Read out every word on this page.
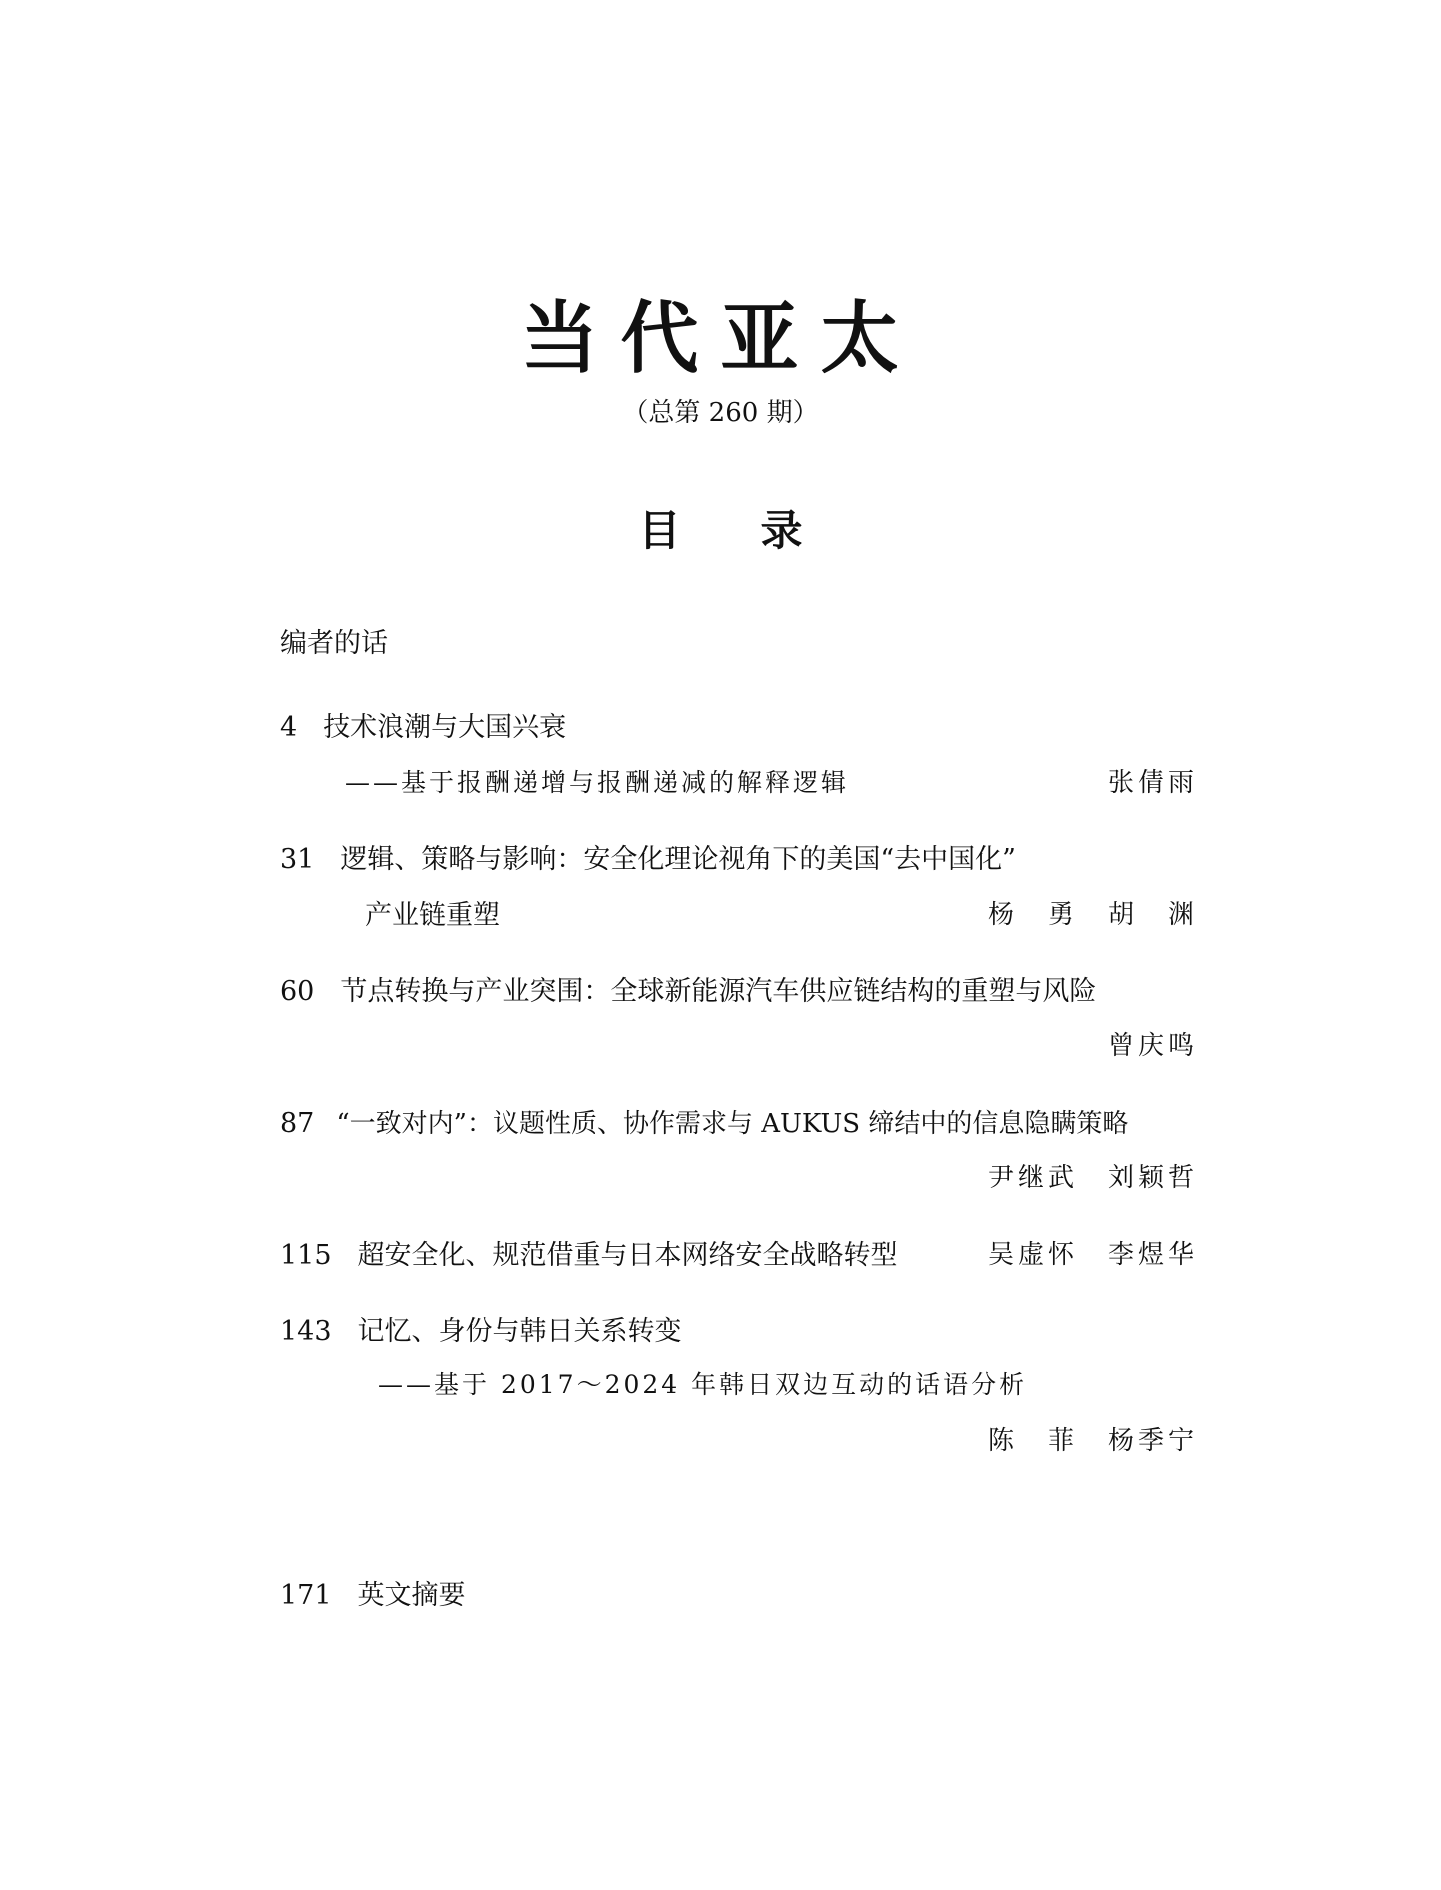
当代亚太
（总第 260 期）
目录
编者的话
4 技术浪潮与大国兴衰
——基于报酬递增与报酬递减的解释逻辑	张倩雨
31 逻辑、策略与影响：安全化理论视角下的美国“去中国化”
产业链重塑	杨　勇 胡　渊
60 节点转换与产业突围：全球新能源汽车供应链结构的重塑与风险
曾庆鸣
87 “一致对内”：议题性质、协作需求与 AUKUS 缔结中的信息隐瞒策略
尹继武 刘颖哲
115 超安全化、规范借重与日本网络安全战略转型	吴虚怀 李煜华
143 记忆、身份与韩日关系转变
——基于 2017～2024 年韩日双边互动的话语分析
陈　菲 杨季宁
171 英文摘要
